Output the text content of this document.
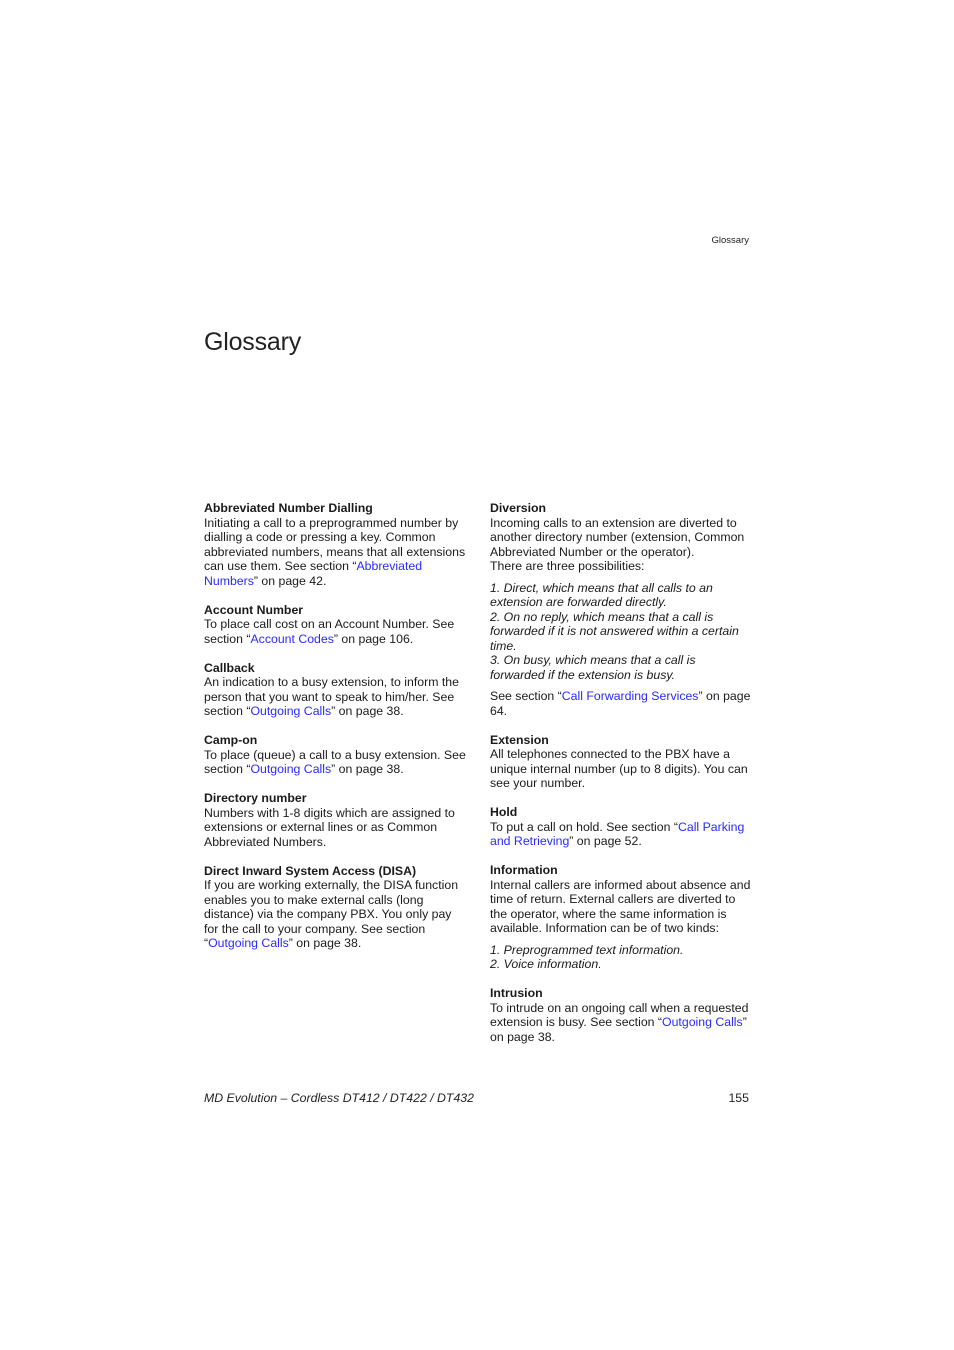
Glossary
Glossary
Abbreviated Number Dialling
Initiating a call to a preprogrammed number by dialling a code or pressing a key. Common abbreviated numbers, means that all extensions can use them. See section “Abbreviated Numbers” on page 42.
Account Number
To place call cost on an Account Number. See section “Account Codes” on page 106.
Callback
An indication to a busy extension, to inform the person that you want to speak to him/her. See section “Outgoing Calls” on page 38.
Camp-on
To place (queue) a call to a busy extension. See section “Outgoing Calls” on page 38.
Directory number
Numbers with 1-8 digits which are assigned to extensions or external lines or as Common Abbreviated Numbers.
Direct Inward System Access (DISA)
If you are working externally, the DISA function enables you to make external calls (long distance) via the company PBX. You only pay for the call to your company. See section “Outgoing Calls” on page 38.
Diversion
Incoming calls to an extension are diverted to another directory number (extension, Common Abbreviated Number or the operator).
There are three possibilities:
1. Direct, which means that all calls to an extension are forwarded directly.
2. On no reply, which means that a call is forwarded if it is not answered within a certain time.
3. On busy, which means that a call is forwarded if the extension is busy.
See section “Call Forwarding Services” on page 64.
Extension
All telephones connected to the PBX have a unique internal number (up to 8 digits). You can see your number.
Hold
To put a call on hold. See section “Call Parking and Retrieving” on page 52.
Information
Internal callers are informed about absence and time of return. External callers are diverted to the operator, where the same information is available. Information can be of two kinds:
1. Preprogrammed text information.
2. Voice information.
Intrusion
To intrude on an ongoing call when a requested extension is busy. See section “Outgoing Calls” on page 38.
MD Evolution – Cordless DT412 / DT422 / DT432	155
